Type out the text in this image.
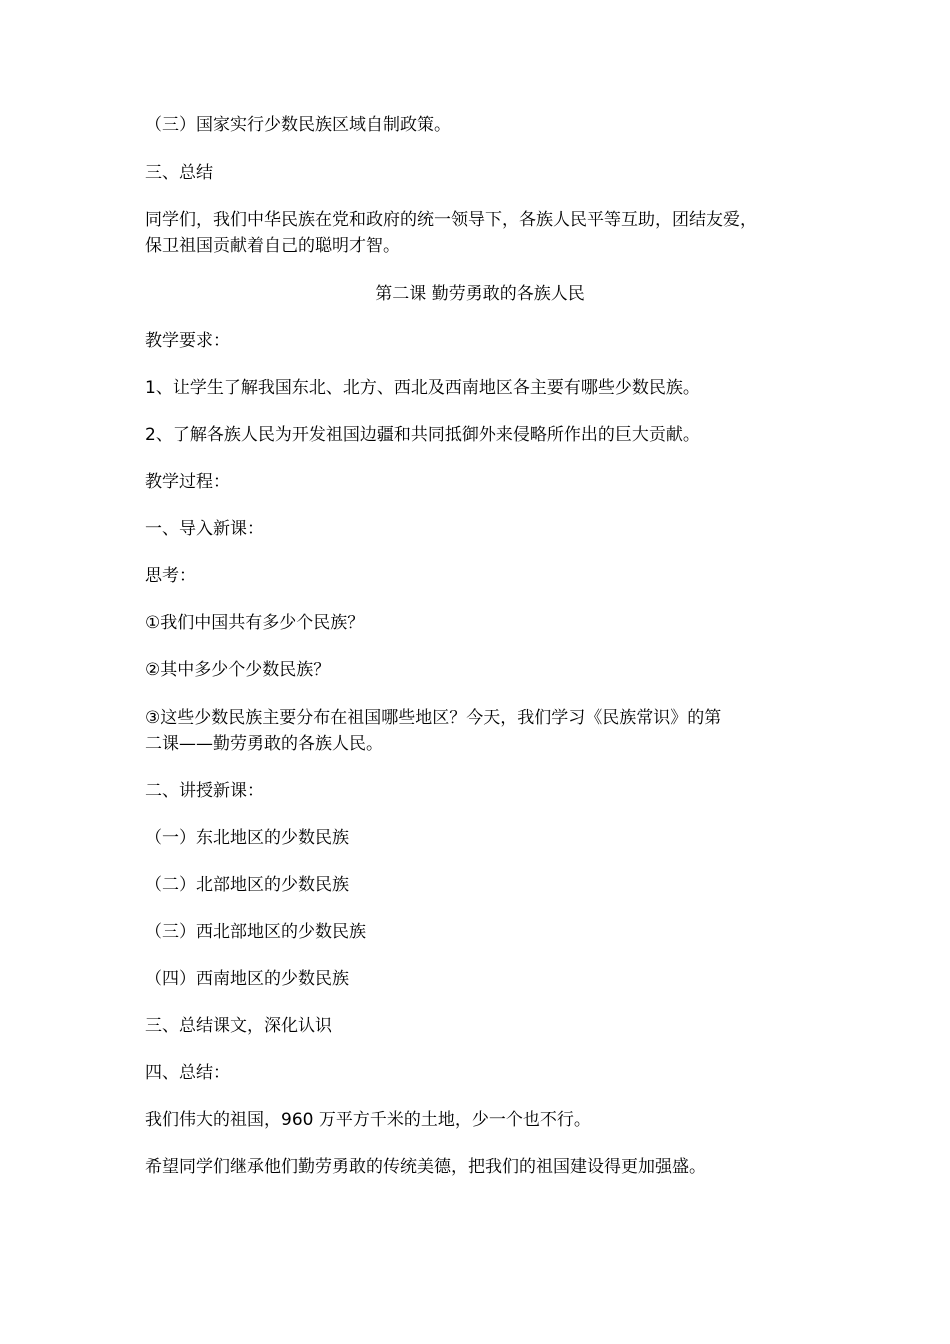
（三）国家实行少数民族区域自制政策。
三、总结
同学们，我们中华民族在党和政府的统一领导下，各族人民平等互助，团结友爱，
保卫祖国贡献着自己的聪明才智。
第二课 勤劳勇敢的各族人民
教学要求：
1、让学生了解我国东北、北方、西北及西南地区各主要有哪些少数民族。
2、了解各族人民为开发祖国边疆和共同抵御外来侵略所作出的巨大贡献。
教学过程：
一、导入新课：
思考：
①我们中国共有多少个民族？
②其中多少个少数民族？
③这些少数民族主要分布在祖国哪些地区？今天，我们学习《民族常识》的第
二课——勤劳勇敢的各族人民。
二、讲授新课：
（一）东北地区的少数民族
（二）北部地区的少数民族
（三）西北部地区的少数民族
（四）西南地区的少数民族
三、总结课文，深化认识
四、总结：
我们伟大的祖国，960 万平方千米的土地，少一个也不行。
希望同学们继承他们勤劳勇敢的传统美德，把我们的祖国建设得更加强盛。
